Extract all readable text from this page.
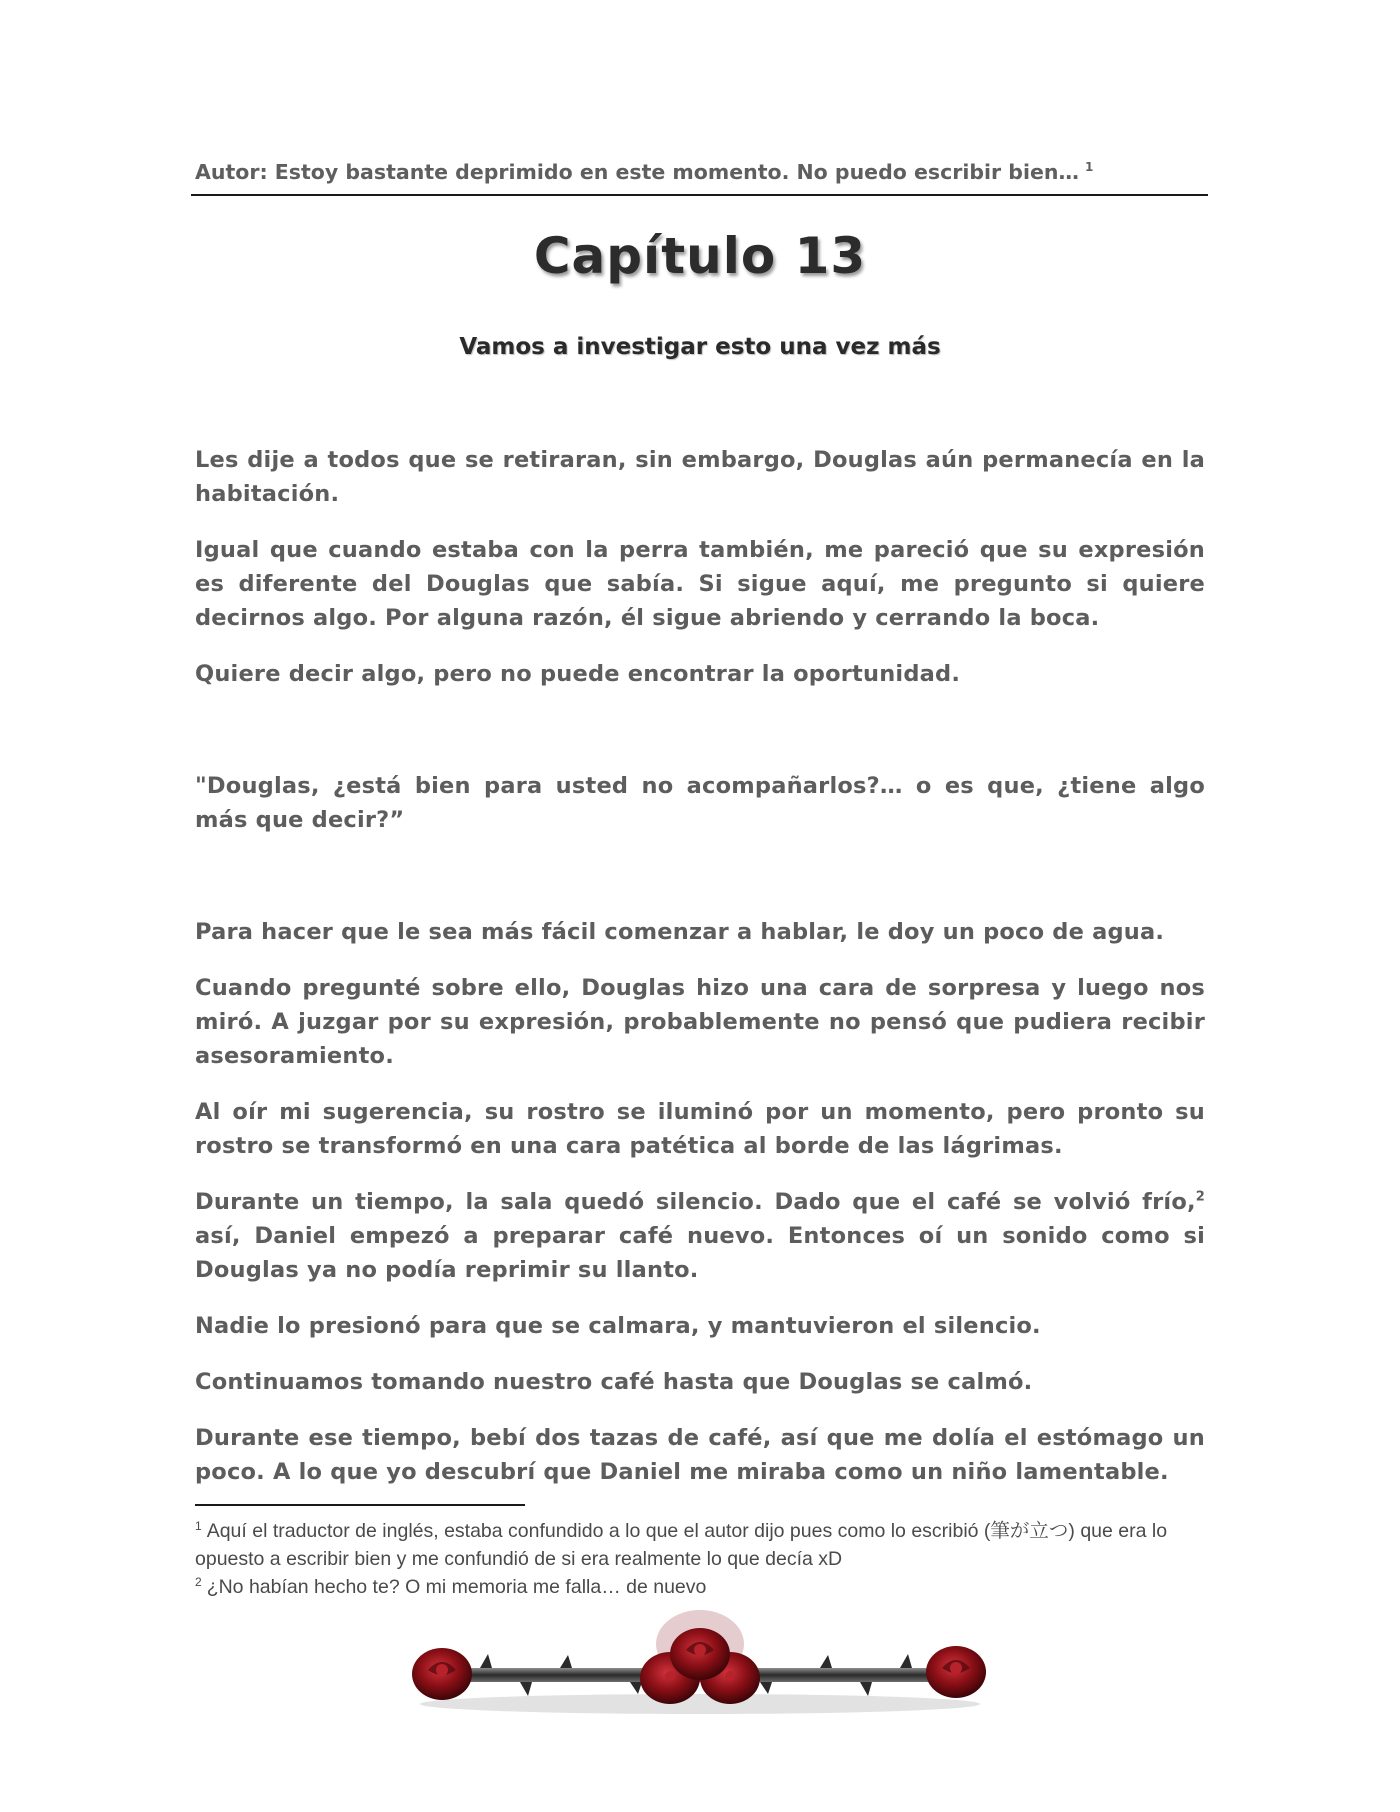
Autor: Estoy bastante deprimido en este momento. No puedo escribir bien… $^1$
Capítulo 13
Vamos a investigar esto una vez más

Les dije a todos que se retiraran, sin embargo, Douglas aún permanecía en la habitación.

Igual que cuando estaba con la perra también, me pareció que su expresión es diferente del Douglas que sabía. Si sigue aquí, me pregunto si quiere decirnos algo. Por alguna razón, él sigue abriendo y cerrando la boca.

Quiere decir algo, pero no puede encontrar la oportunidad.

"Douglas, ¿está bien para usted no acompañarlos?… o es que, ¿tiene algo más que decir?”

Para hacer que le sea más fácil comenzar a hablar, le doy un poco de agua.

Cuando pregunté sobre ello, Douglas hizo una cara de sorpresa y luego nos miró. A juzgar por su expresión, probablemente no pensó que pudiera recibir asesoramiento.

Al oír mi sugerencia, su rostro se iluminó por un momento, pero pronto su rostro se transformó en una cara patética al borde de las lágrimas.

Durante un tiempo, la sala quedó silencio. Dado que el café se volvió frío,$^2$ así, Daniel empezó a preparar café nuevo. Entonces oí un sonido como si Douglas ya no podía reprimir su llanto.

Nadie lo presionó para que se calmara, y mantuvieron el silencio.

Continuamos tomando nuestro café hasta que Douglas se calmó.

Durante ese tiempo, bebí dos tazas de café, así que me dolía el estómago un poco. A lo que yo descubrí que Daniel me miraba como un niño lamentable.

$^1$ Aquí el traductor de inglés, estaba confundido a lo que el autor dijo pues como lo escribió (筆が立つ) que era lo opuesto a escribir bien y me confundió de si era realmente lo que decía xD

$^2$ ¿No habían hecho te? O mi memoria me falla… de nuevo
